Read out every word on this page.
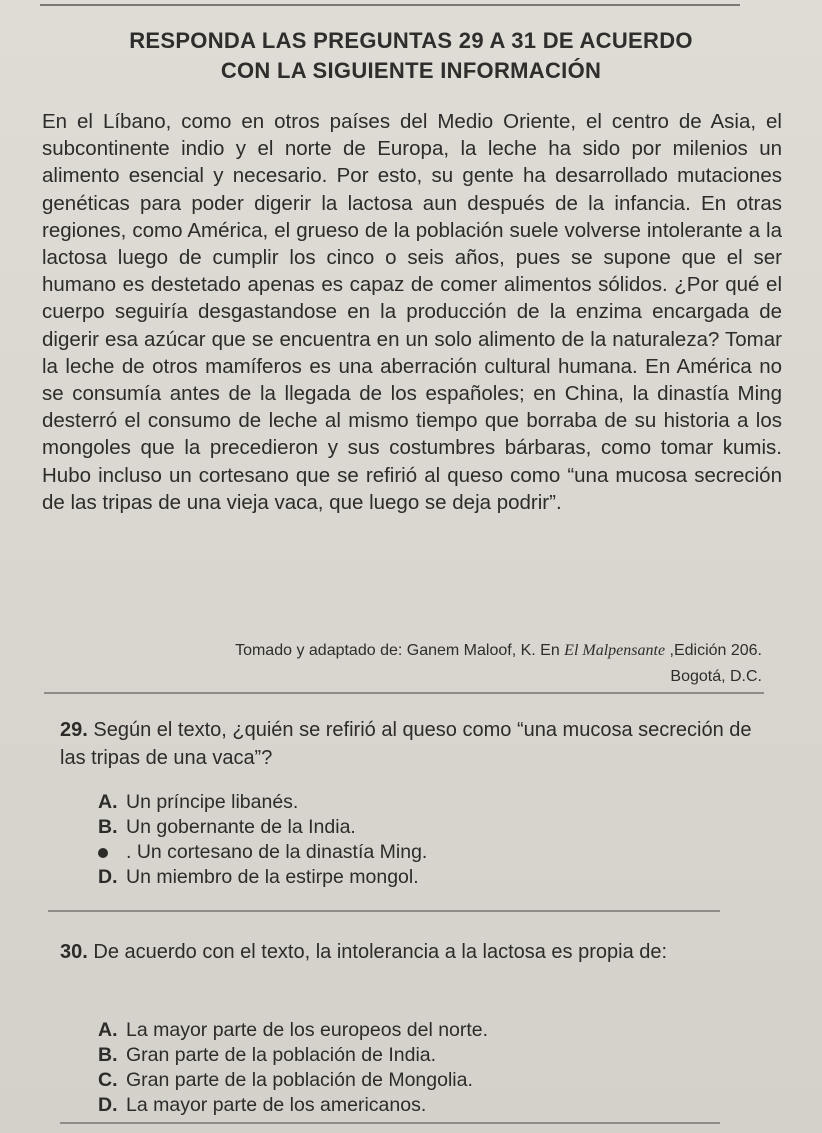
RESPONDA LAS PREGUNTAS 29 A 31 DE ACUERDO
CON LA SIGUIENTE INFORMACIÓN
En el Líbano, como en otros países del Medio Oriente, el centro de Asia, el subcontinente indio y el norte de Europa, la leche ha sido por milenios un alimento esencial y necesario. Por esto, su gente ha desarrollado mutaciones genéticas para poder digerir la lactosa aun después de la infancia. En otras regiones, como América, el grueso de la población suele volverse intolerante a la lactosa luego de cumplir los cinco o seis años, pues se supone que el ser humano es destetado apenas es capaz de comer alimentos sólidos. ¿Por qué el cuerpo seguiría desgastandose en la producción de la enzima encargada de digerir esa azúcar que se encuentra en un solo alimento de la naturaleza? Tomar la leche de otros mamíferos es una aberración cultural humana. En América no se consumía antes de la llegada de los españoles; en China, la dinastía Ming desterró el consumo de leche al mismo tiempo que borraba de su historia a los mongoles que la precedieron y sus costumbres bárbaras, como tomar kumis. Hubo incluso un cortesano que se refirió al queso como “una mucosa secreción de las tripas de una vieja vaca, que luego se deja podrir”.
Tomado y adaptado de: Ganem Maloof, K. En El Malpensante ,Edición 206.
Bogotá, D.C.
29. Según el texto, ¿quién se refirió al queso como “una mucosa secreción de las tripas de una vaca”?
A. Un príncipe libanés.
B. Un gobernante de la India.
. Un cortesano de la dinastía Ming.
D. Un miembro de la estirpe mongol.
30. De acuerdo con el texto, la intolerancia a la lactosa es propia de:
A. La mayor parte de los europeos del norte.
B. Gran parte de la población de India.
C. Gran parte de la población de Mongolia.
D. La mayor parte de los americanos.
